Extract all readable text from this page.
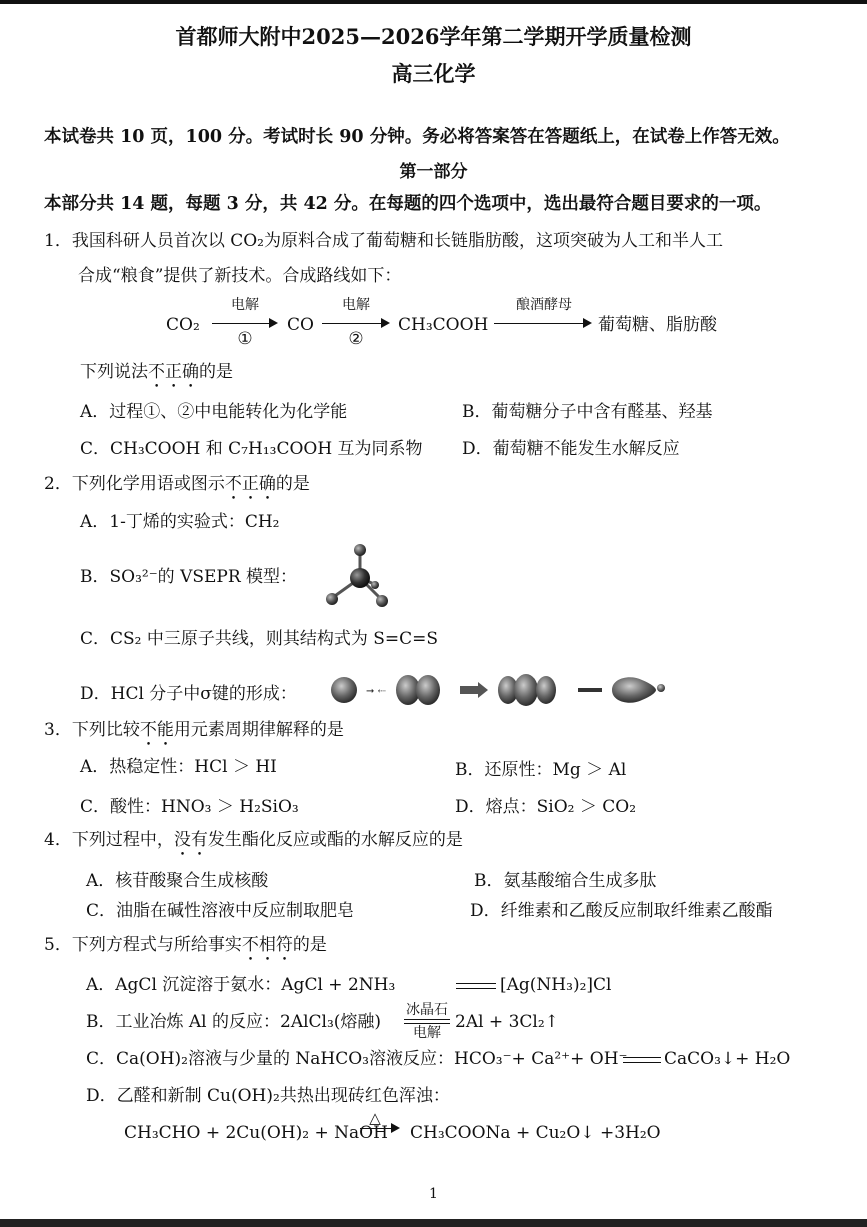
首都师大附中2025—2026学年第二学期开学质量检测
高三化学
本试卷共 10 页，100 分。考试时长 90 分钟。务必将答案答在答题纸上，在试卷上作答无效。
第一部分
本部分共 14 题，每题 3 分，共 42 分。在每题的四个选项中，选出最符合题目要求的一项。
1．我国科研人员首次以 CO₂为原料合成了葡萄糖和长链脂肪酸，这项突破为人工和半人工
合成“粮食”提供了新技术。合成路线如下：
CO₂
电解
①
CO
电解
②
CH₃COOH
酿酒酵母
葡萄糖、脂肪酸
下列说法不正确的是
A．过程①、②中电能转化为化学能	B．葡萄糖分子中含有醛基、羟基
C．CH₃COOH 和 C₇H₁₃COOH 互为同系物 D．葡萄糖不能发生水解反应
2．下列化学用语或图示不正确的是
A．1-丁烯的实验式：CH₂
B．SO₃²⁻的 VSEPR 模型：
C．CS₂ 中三原子共线，则其结构式为 S=C=S
D．HCl 分子中σ键的形成：	➞ ⇠
3．下列比较不能用元素周期律解释的是
A．热稳定性：HCl ＞ HI	B．还原性：Mg ＞ Al
C．酸性：HNO₃ ＞ H₂SiO₃	D．熔点：SiO₂ ＞ CO₂
4．下列过程中，没有发生酯化反应或酯的水解反应的是
A．核苷酸聚合生成核酸	B．氨基酸缩合生成多肽
C．油脂在碱性溶液中反应制取肥皂	D．纤维素和乙酸反应制取纤维素乙酸酯
5．下列方程式与所给事实不相符的是
A．AgCl 沉淀溶于氨水：AgCl + 2NH₃	[Ag(NH₃)₂]Cl
B．工业冶炼 Al 的反应：2AlCl₃(熔融)
冰晶石
电解
2Al + 3Cl₂↑
C．Ca(OH)₂溶液与少量的 NaHCO₃溶液反应：HCO₃⁻+ Ca²⁺+ OH⁻ CaCO₃↓+ H₂O
D．乙醛和新制 Cu(OH)₂共热出现砖红色浑浊：
CH₃CHO + 2Cu(OH)₂ + NaOH
△
CH₃COONa + Cu₂O↓ +3H₂O
1
